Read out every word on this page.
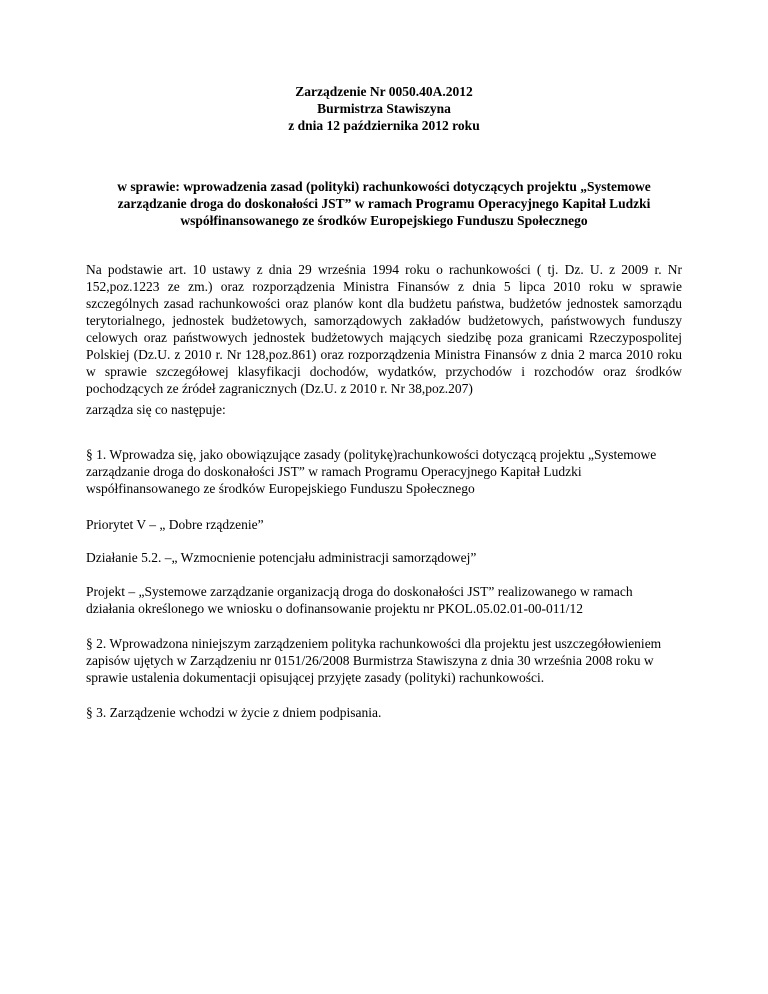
Zarządzenie Nr 0050.40A.2012

Burmistrza Stawiszyna

z dnia 12 października 2012 roku

w sprawie: wprowadzenia zasad (polityki) rachunkowości dotyczących projektu „Systemowe zarządzanie droga do doskonałości JST” w ramach Programu Operacyjnego Kapitał Ludzki współfinansowanego ze środków Europejskiego Funduszu Społecznego

Na podstawie art. 10 ustawy z dnia 29 września 1994 roku o rachunkowości ( tj. Dz. U. z 2009 r. Nr 152,poz.1223 ze zm.) oraz rozporządzenia Ministra Finansów z dnia 5 lipca 2010 roku w sprawie szczególnych zasad rachunkowości oraz planów kont dla budżetu państwa, budżetów jednostek samorządu terytorialnego, jednostek budżetowych, samorządowych zakładów budżetowych, państwowych funduszy celowych oraz państwowych jednostek budżetowych mających siedzibę poza granicami Rzeczypospolitej Polskiej (Dz.U. z 2010 r. Nr 128,poz.861) oraz rozporządzenia Ministra Finansów z dnia 2 marca 2010 roku w sprawie szczegółowej klasyfikacji dochodów, wydatków, przychodów i rozchodów oraz środków pochodzących ze źródeł zagranicznych (Dz.U. z 2010 r. Nr 38,poz.207)

zarządza się co następuje:

§ 1. Wprowadza się, jako obowiązujące zasady (politykę)rachunkowości dotyczącą projektu „Systemowe zarządzanie droga do doskonałości JST” w ramach Programu Operacyjnego Kapitał Ludzki współfinansowanego ze środków Europejskiego Funduszu Społecznego

Priorytet V – „ Dobre rządzenie”

Działanie 5.2. –„ Wzmocnienie potencjału administracji samorządowej”

Projekt – „Systemowe zarządzanie organizacją droga do doskonałości JST” realizowanego w ramach działania określonego we wniosku o dofinansowanie projektu nr PKOL.05.02.01-00-011/12

§ 2. Wprowadzona niniejszym zarządzeniem polityka rachunkowości dla projektu jest uszczegółowieniem zapisów ujętych w Zarządzeniu nr 0151/26/2008 Burmistrza Stawiszyna z dnia 30 września 2008 roku w sprawie ustalenia dokumentacji opisującej przyjęte zasady (polityki) rachunkowości.

§ 3. Zarządzenie wchodzi w życie z dniem podpisania.
